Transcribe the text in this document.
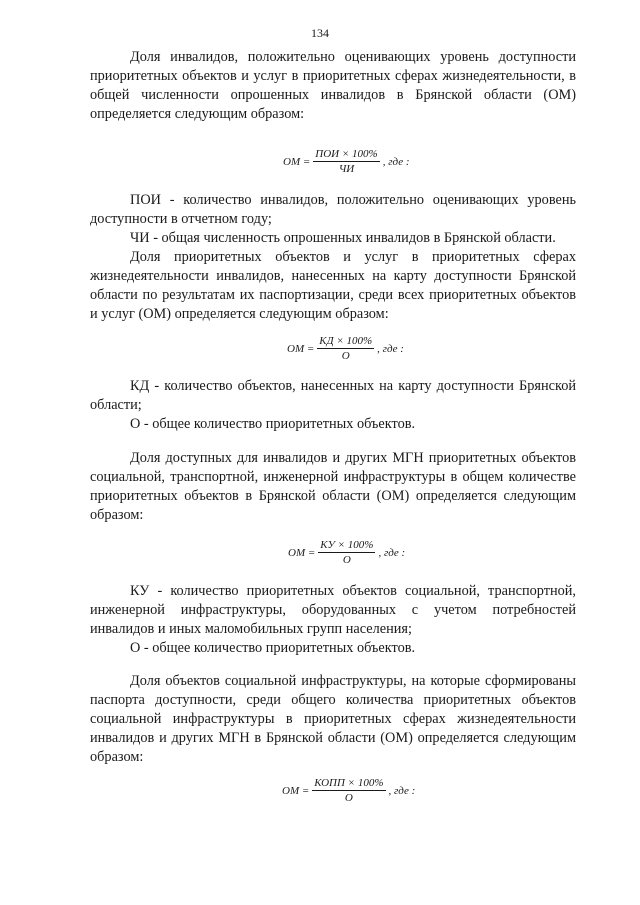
134

Доля инвалидов, положительно оценивающих уровень доступности приоритетных объектов и услуг в приоритетных сферах жизнедеятельности, в общей численности опрошенных инвалидов в Брянской области (ОМ) определяется следующим образом:

ОМ = $\frac{\text{ПОИ × 100\%}}{ЧИ}$ , где :

ПОИ - количество инвалидов, положительно оценивающих уровень доступности в отчетном году;

ЧИ - общая численность опрошенных инвалидов в Брянской области.

Доля приоритетных объектов и услуг в приоритетных сферах жизнедеятельности инвалидов, нанесенных на карту доступности Брянской области по результатам их паспортизации, среди всех приоритетных объектов и услуг (ОМ) определяется следующим образом:

ОМ = $\frac{КД \times 100\%}{О}$ , где :

КД - количество объектов, нанесенных на карту доступности Брянской области;

О - общее количество приоритетных объектов.

Доля доступных для инвалидов и других МГН приоритетных объектов социальной, транспортной, инженерной инфраструктуры в общем количестве приоритетных объектов в Брянской области (ОМ) определяется следующим образом:

ОМ = $\frac{КУ \times 100\%}{О}$ , где :

КУ - количество приоритетных объектов социальной, транспортной, инженерной инфраструктуры, оборудованных с учетом потребностей инвалидов и иных маломобильных групп населения;

О - общее количество приоритетных объектов.

Доля объектов социальной инфраструктуры, на которые сформированы паспорта доступности, среди общего количества приоритетных объектов социальной инфраструктуры в приоритетных сферах жизнедеятельности инвалидов и других МГН в Брянской области (ОМ) определяется следующим образом:

ОМ = $\frac{\text{КОПП × 100\%}}{О}$ , где :
